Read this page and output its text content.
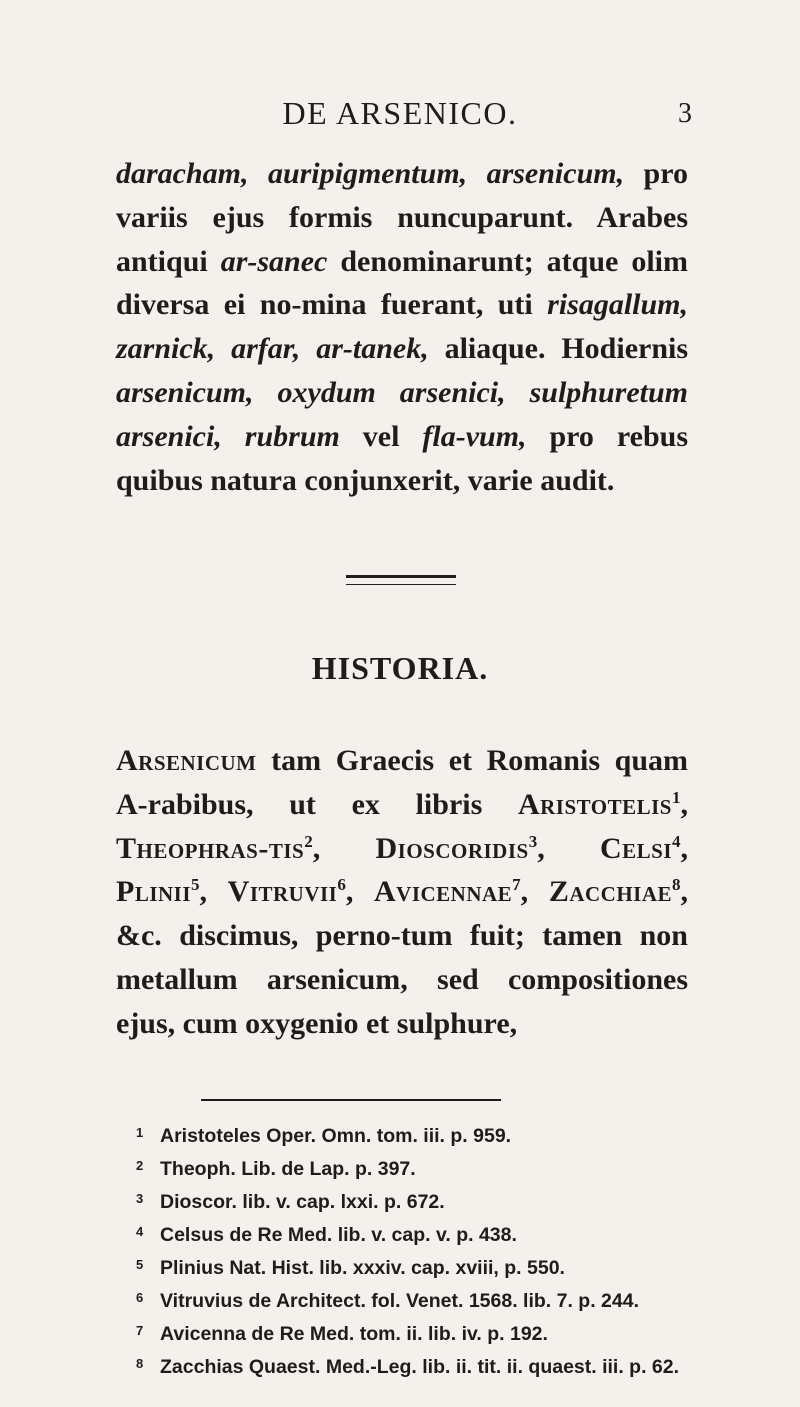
DE ARSENICO.	3
daracham, auripigmentum, arsenicum, pro variis ejus formis nuncuparunt. Arabes antiqui ar-sanec denominarunt; atque olim diversa ei no-mina fuerant, uti risagallum, zarnick, arfar, ar-tanek, aliaque. Hodiernis arsenicum, oxydum arsenici, sulphuretum arsenici, rubrum vel fla-vum, pro rebus quibus natura conjunxerit, varie audit.
HISTORIA.
Arsenicum tam Graecis et Romanis quam A-rabibus, ut ex libris Aristotelis$^1$, Theophras-tis$^2$, Dioscoridis$^3$, Celsi$^4$, Plinii$^5$, Vitruvii$^6$, Avicennae$^7$, Zacchiae$^8$, &c. discimus, perno-tum fuit; tamen non metallum arsenicum, sed compositiones ejus, cum oxygenio et sulphure,
1 Aristoteles Oper. Omn. tom. iii. p. 959.
2 Theoph. Lib. de Lap. p. 397.
3 Dioscor. lib. v. cap. lxxi. p. 672.
4 Celsus de Re Med. lib. v. cap. v. p. 438.
5 Plinius Nat. Hist. lib. xxxiv. cap. xviii, p. 550.
6 Vitruvius de Architect. fol. Venet. 1568. lib. 7. p. 244.
7 Avicenna de Re Med. tom. ii. lib. iv. p. 192.
8 Zacchias Quaest. Med.-Leg. lib. ii. tit. ii. quaest. iii. p. 62.
